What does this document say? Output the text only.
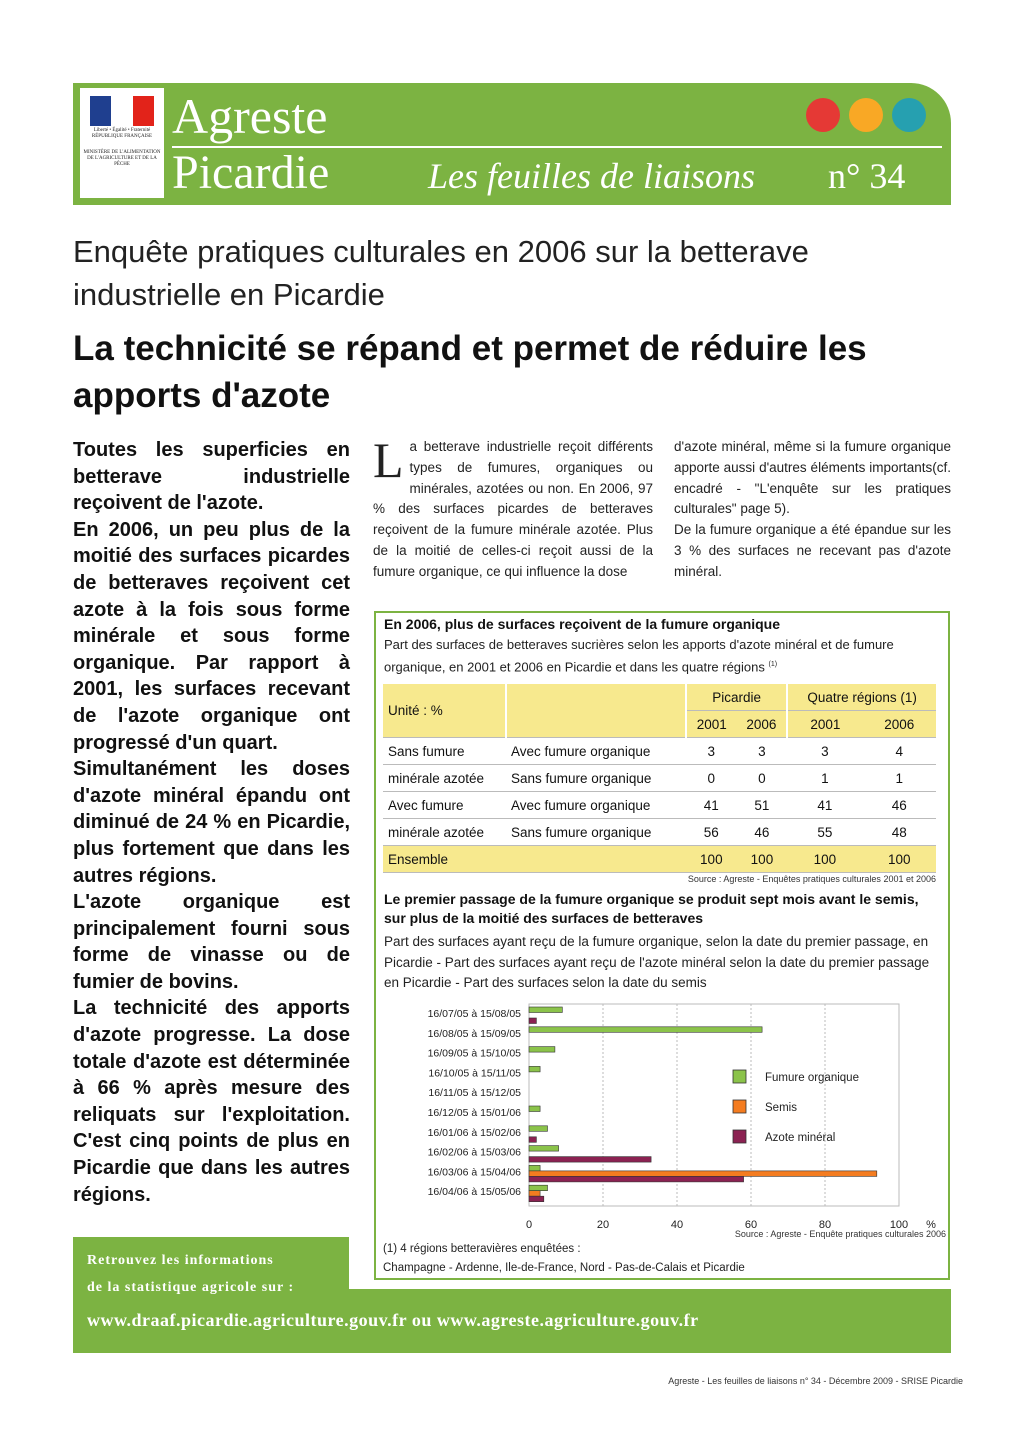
Liberté • Égalité • Fraternité RÉPUBLIQUE FRANÇAISE
MINISTÈRE DE L'ALIMENTATION DE L'AGRICULTURE ET DE LA PÊCHE
Agreste
Picardie	Les feuilles de liaisons n° 34
Enquête pratiques culturales en 2006 sur la betterave industrielle en Picardie
La technicité se répand et permet de réduire les apports d'azote

Toutes les superficies en betterave industrielle reçoivent de l'azote.

En 2006, un peu plus de la moitié des surfaces picardes de betteraves reçoivent cet azote à la fois sous forme minérale et sous forme organique. Par rapport à 2001, les surfaces recevant de l'azote organique ont progressé d'un quart.

Simultanément les doses d'azote minéral épandu ont diminué de 24 % en Picardie, plus fortement que dans les autres régions.

L'azote organique est principalement fourni sous forme de vinasse ou de fumier de bovins.

La technicité des apports d'azote progresse. La dose totale d'azote est déterminée à 66 % après mesure des reliquats sur l'exploitation. C'est cinq points de plus en Picardie que dans les autres régions.

La betterave industrielle reçoit différents types de fumures, organiques ou minérales, azotées ou non. En 2006, 97 % des surfaces picardes de betteraves reçoivent de la fumure minérale azotée. Plus de la moitié de celles-ci reçoit aussi de la fumure organique, ce qui influence la dose

d'azote minéral, même si la fumure organique apporte aussi d'autres éléments importants(cf. encadré - "L'enquête sur les pratiques culturales" page 5).

De la fumure organique a été épandue sur les 3 % des surfaces ne recevant pas d'azote minéral.

En 2006, plus de surfaces reçoivent de la fumure organique
Part des surfaces de betteraves sucrières selon les apports d'azote minéral et de fumure organique, en 2001 et 2006 en Picardie et dans les quatre régions $^{(1)}$
Unité : %		Picardie		Quatre régions (1)	
		2001	2006	2001	2006
Sans fumure	Avec fumure organique	3	3	3	4
minérale azotée	Sans fumure organique	0	0	1	1
Avec fumure	Avec fumure organique	41	51	41	46
minérale azotée	Sans fumure organique	56	46	55	48
Ensemble		100	100	100	100
Source : Agreste - Enquêtes pratiques culturales 2001 et 2006
Le premier passage de la fumure organique se produit sept mois avant le semis, sur plus de la moitié des surfaces de betteraves
Part des surfaces ayant reçu de la fumure organique, selon la date du premier passage, en Picardie - Part des surfaces ayant reçu de l'azote minéral selon la date du premier passage en Picardie - Part des surfaces selon la date du semis
16/07/05 à 15/08/05
16/08/05 à 15/09/05
16/09/05 à 15/10/05
16/10/05 à 15/11/05
16/11/05 à 15/12/05
16/12/05 à 15/01/06
16/01/06 à 15/02/06
16/02/06 à 15/03/06
16/03/06 à 15/04/06
16/04/06 à 15/05/06
0	20	40	60	80	100 %
Fumure organique
Semis
Azote minéral
Source : Agreste - Enquête pratiques culturales 2006
(1) 4 régions betteravières enquêtées :
Champagne - Ardenne, Ile-de-France, Nord - Pas-de-Calais et Picardie
Retrouvez les informations
de la statistique agricole sur :
www.draaf.picardie.agriculture.gouv.fr ou www.agreste.agriculture.gouv.fr
Agreste - Les feuilles de liaisons n° 34 - Décembre 2009 - SRISE Picardie
